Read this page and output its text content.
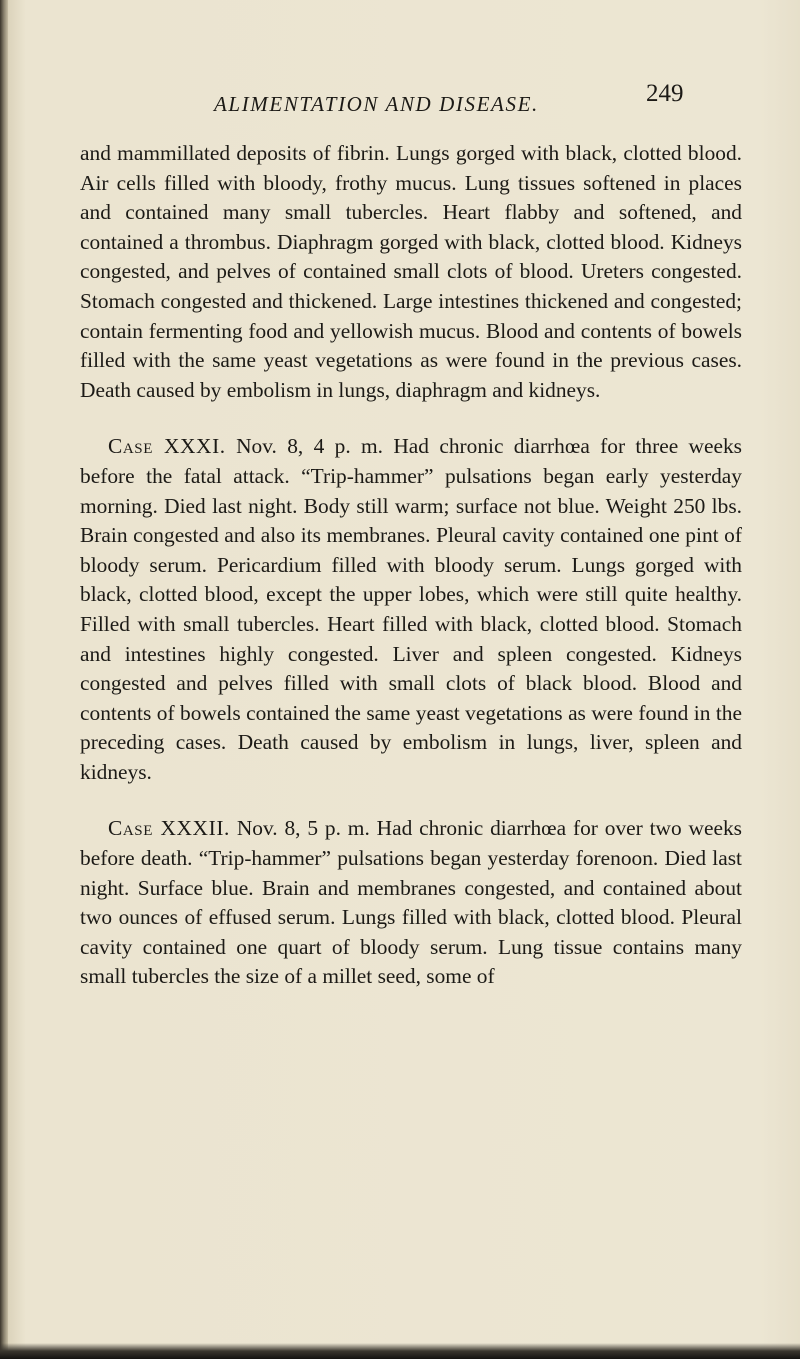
ALIMENTATION AND DISEASE.	249

and mammillated deposits of fibrin. Lungs gorged with black, clotted blood. Air cells filled with bloody, frothy mucus. Lung tissues softened in places and contained many small tubercles. Heart flabby and softened, and contained a thrombus. Diaphragm gorged with black, clotted blood. Kidneys congested, and pelves of contained small clots of blood. Ureters congested. Stomach congested and thickened. Large intestines thickened and congested; contain fermenting food and yellowish mucus. Blood and contents of bowels filled with the same yeast vegetations as were found in the previous cases. Death caused by embolism in lungs, diaphragm and kidneys.

Case XXXI. Nov. 8, 4 p. m. Had chronic diarrhœa for three weeks before the fatal attack. “Trip-hammer” pulsations began early yesterday morning. Died last night. Body still warm; surface not blue. Weight 250 lbs. Brain congested and also its membranes. Pleural cavity contained one pint of bloody serum. Pericardium filled with bloody serum. Lungs gorged with black, clotted blood, except the upper lobes, which were still quite healthy. Filled with small tubercles. Heart filled with black, clotted blood. Stomach and intestines highly congested. Liver and spleen congested. Kidneys congested and pelves filled with small clots of black blood. Blood and contents of bowels contained the same yeast vegetations as were found in the preceding cases. Death caused by embolism in lungs, liver, spleen and kidneys.

Case XXXII. Nov. 8, 5 p. m. Had chronic diarrhœa for over two weeks before death. “Trip-hammer” pulsations began yesterday forenoon. Died last night. Surface blue. Brain and membranes congested, and contained about two ounces of effused serum. Lungs filled with black, clotted blood. Pleural cavity contained one quart of bloody serum. Lung tissue contains many small tubercles the size of a millet seed, some of
